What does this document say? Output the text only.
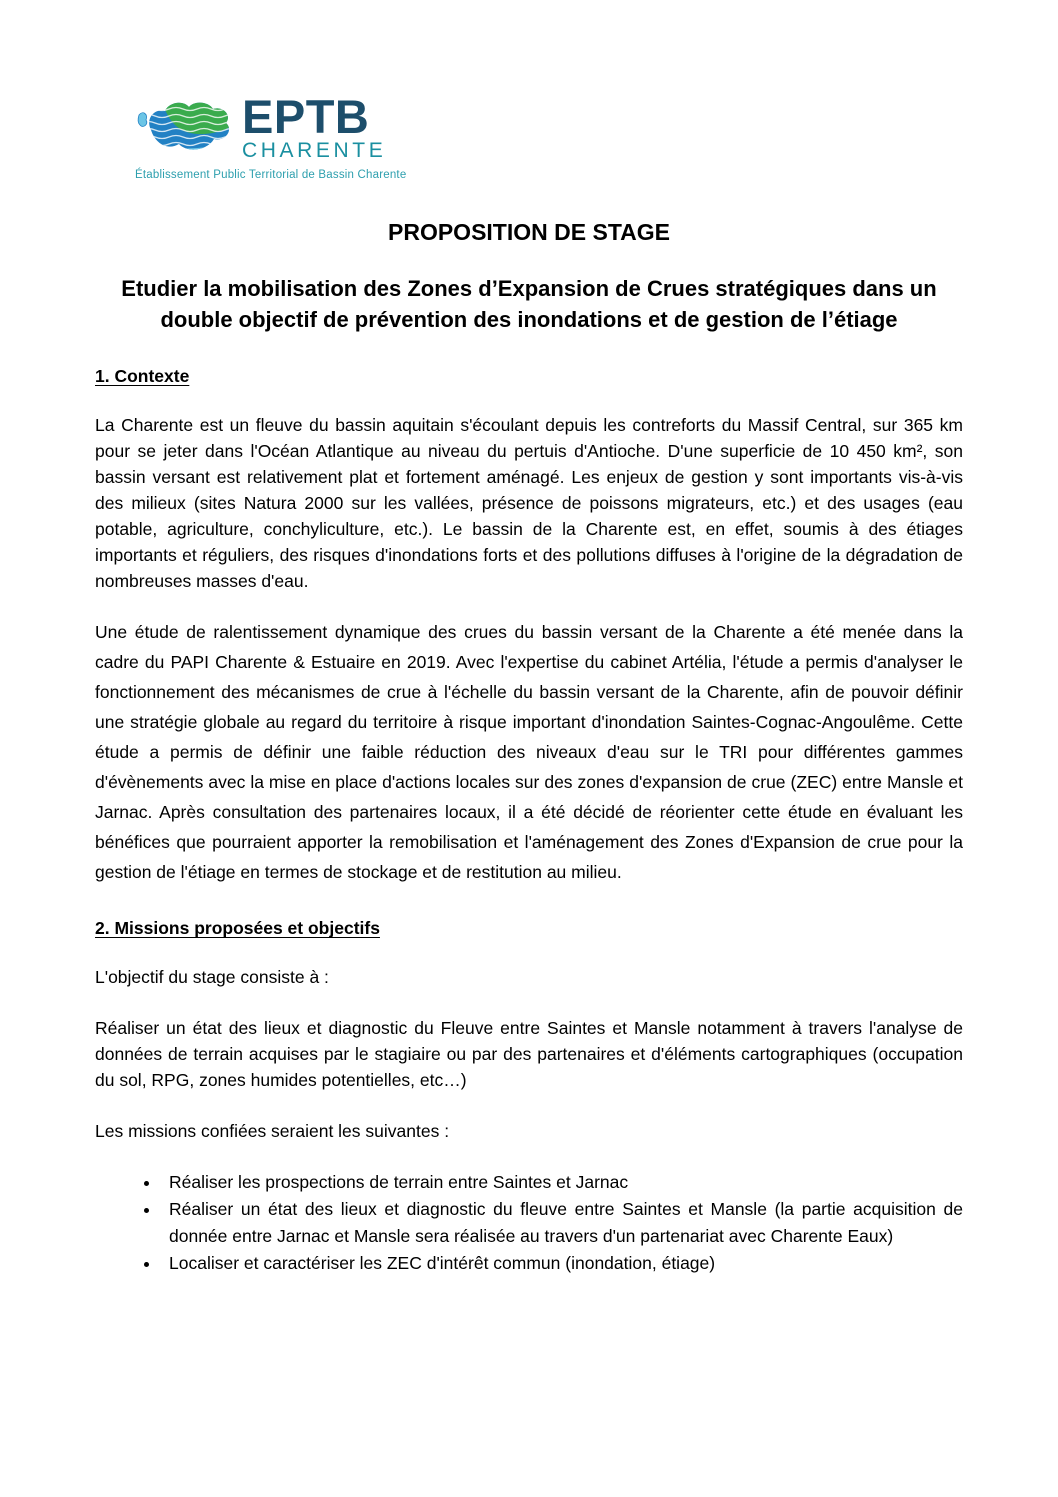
EPTB
CHARENTE
Établissement Public Territorial de Bassin Charente
PROPOSITION DE STAGE
Etudier la mobilisation des Zones d’Expansion de Crues stratégiques dans un double objectif de prévention des inondations et de gestion de l’étiage
1. Contexte

La Charente est un fleuve du bassin aquitain s'écoulant depuis les contreforts du Massif Central, sur 365 km pour se jeter dans l'Océan Atlantique au niveau du pertuis d'Antioche. D'une superficie de 10 450 km², son bassin versant est relativement plat et fortement aménagé. Les enjeux de gestion y sont importants vis-à-vis des milieux (sites Natura 2000 sur les vallées, présence de poissons migrateurs, etc.) et des usages (eau potable, agriculture, conchyliculture, etc.). Le bassin de la Charente est, en effet, soumis à des étiages importants et réguliers, des risques d'inondations forts et des pollutions diffuses à l'origine de la dégradation de nombreuses masses d'eau.

Une étude de ralentissement dynamique des crues du bassin versant de la Charente a été menée dans la cadre du PAPI Charente & Estuaire en 2019. Avec l'expertise du cabinet Artélia, l'étude a permis d'analyser le fonctionnement des mécanismes de crue à l'échelle du bassin versant de la Charente, afin de pouvoir définir une stratégie globale au regard du territoire à risque important d'inondation Saintes-Cognac-Angoulême. Cette étude a permis de définir une faible réduction des niveaux d'eau sur le TRI pour différentes gammes d'évènements avec la mise en place d'actions locales sur des zones d'expansion de crue (ZEC) entre Mansle et Jarnac. Après consultation des partenaires locaux, il a été décidé de réorienter cette étude en évaluant les bénéfices que pourraient apporter la remobilisation et l'aménagement des Zones d'Expansion de crue pour la gestion de l'étiage en termes de stockage et de restitution au milieu.

2. Missions proposées et objectifs

L'objectif du stage consiste à :

Réaliser un état des lieux et diagnostic du Fleuve entre Saintes et Mansle notamment à travers l'analyse de données de terrain acquises par le stagiaire ou par des partenaires et d'éléments cartographiques (occupation du sol, RPG, zones humides potentielles, etc…)

Les missions confiées seraient les suivantes :

• Réaliser les prospections de terrain entre Saintes et Jarnac
• Réaliser un état des lieux et diagnostic du fleuve entre Saintes et Mansle (la partie acquisition de donnée entre Jarnac et Mansle sera réalisée au travers d'un partenariat avec Charente Eaux)
• Localiser et caractériser les ZEC d'intérêt commun (inondation, étiage)
